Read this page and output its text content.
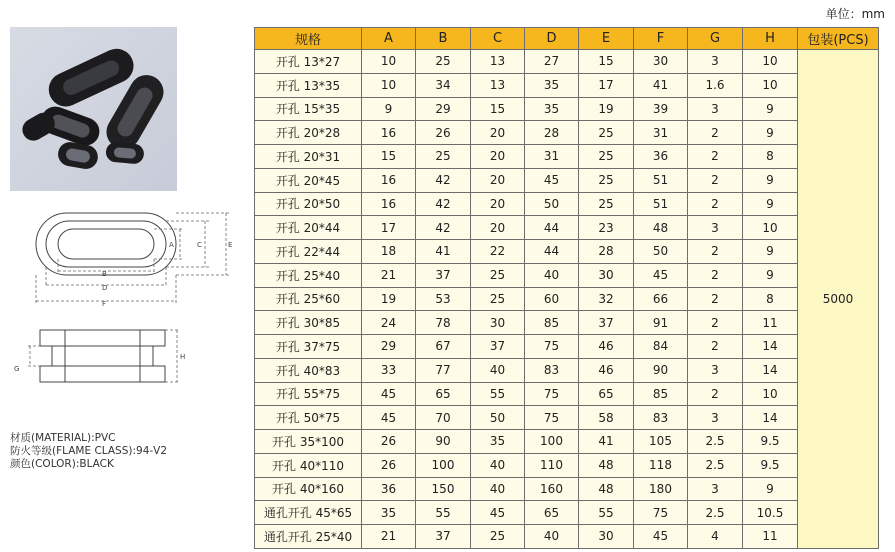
单位：mm
A	C	E
B
D
F
H
G
材质(MATERIAL):PVC
防火等级(FLAME CLASS):94-V2
颜色(COLOR):BLACK
规格	A	B	C	D	E	F	G	H	包装(PCS)
开孔 13*27	10	25	13	27	15	30	3	10	5000
开孔 13*35	10	34	13	35	17	41	1.6	10	
开孔 15*35	9	29	15	35	19	39	3	9	
开孔 20*28	16	26	20	28	25	31	2	9	
开孔 20*31	15	25	20	31	25	36	2	8	
开孔 20*45	16	42	20	45	25	51	2	9	
开孔 20*50	16	42	20	50	25	51	2	9	
开孔 20*44	17	42	20	44	23	48	3	10	
开孔 22*44	18	41	22	44	28	50	2	9	
开孔 25*40	21	37	25	40	30	45	2	9	
开孔 25*60	19	53	25	60	32	66	2	8	
开孔 30*85	24	78	30	85	37	91	2	11	
开孔 37*75	29	67	37	75	46	84	2	14	
开孔 40*83	33	77	40	83	46	90	3	14	
开孔 55*75	45	65	55	75	65	85	2	10	
开孔 50*75	45	70	50	75	58	83	3	14	
开孔 35*100	26	90	35	100	41	105	2.5	9.5	
开孔 40*110	26	100	40	110	48	118	2.5	9.5	
开孔 40*160	36	150	40	160	48	180	3	9	
通孔开孔 45*65	35	55	45	65	55	75	2.5	10.5	
通孔开孔 25*40	21	37	25	40	30	45	4	11	
